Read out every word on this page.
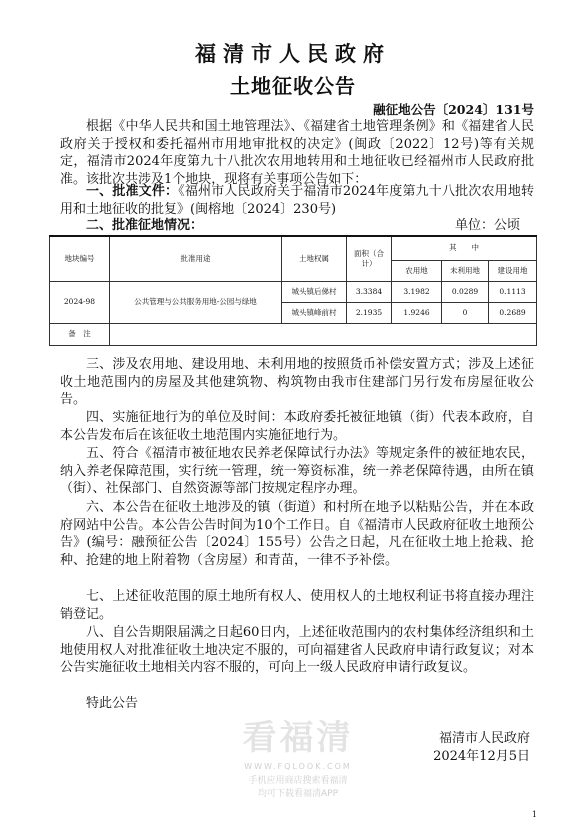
福清市人民政府
土地征收公告
融征地公告〔2024〕131号

根据《中华人民共和国土地管理法》、《福建省土地管理条例》和《福建省人民政府关于授权和委托福州市用地审批权的决定》(闽政〔2022〕12号)等有关规定，福清市2024年度第九十八批次农用地转用和土地征收已经福州市人民政府批准。该批次共涉及1个地块，现将有关事项公告如下：

一、批准文件：《福州市人民政府关于福清市2024年度第九十八批次农用地转用和土地征收的批复》(闽榕地〔2024〕230号)

二、批准征地情况：	单位：公顷
地块编号	批准用途	土地权属	面积（合计）	其　　中		
				农用地	未利用地	建设用地
2024-98	公共管理与公共服务用地-公园与绿地	城头镇后俤村	3.3384	3.1982	0.0289	0.1113
		城头镇峰前村	2.1935	1.9246	0	0.2689
备　注						

三、涉及农用地、建设用地、未利用地的按照货币补偿安置方式；涉及上述征收土地范围内的房屋及其他建筑物、构筑物由我市住建部门另行发布房屋征收公告。

四、实施征地行为的单位及时间：本政府委托被征地镇（街）代表本政府，自本公告发布后在该征收土地范围内实施征地行为。

五、符合《福清市被征地农民养老保障试行办法》等规定条件的被征地农民，纳入养老保障范围，实行统一管理，统一筹资标准，统一养老保障待遇，由所在镇（街）、社保部门、自然资源等部门按规定程序办理。

六、本公告在征收土地涉及的镇（街道）和村所在地予以粘贴公告，并在本政府网站中公告。本公告公告时间为10个工作日。自《福清市人民政府征收土地预公告》(编号：融预征公告〔2024〕155号）公告之日起，凡在征收土地上抢栽、抢种、抢建的地上附着物（含房屋）和青苗，一律不予补偿。

七、上述征收范围的原土地所有权人、使用权人的土地权利证书将直接办理注销登记。

八、自公告期限届满之日起60日内，上述征收范围内的农村集体经济组织和土地使用权人对批准征收土地决定不服的，可向福建省人民政府申请行政复议；对本公告实施征收土地相关内容不服的，可向上一级人民政府申请行政复议。

特此公告

看福清
WWW.FQLOOK.COM
手机应用商店搜索看福清
均可下载看福清APP
福清市人民政府
2024年12月5日
1
